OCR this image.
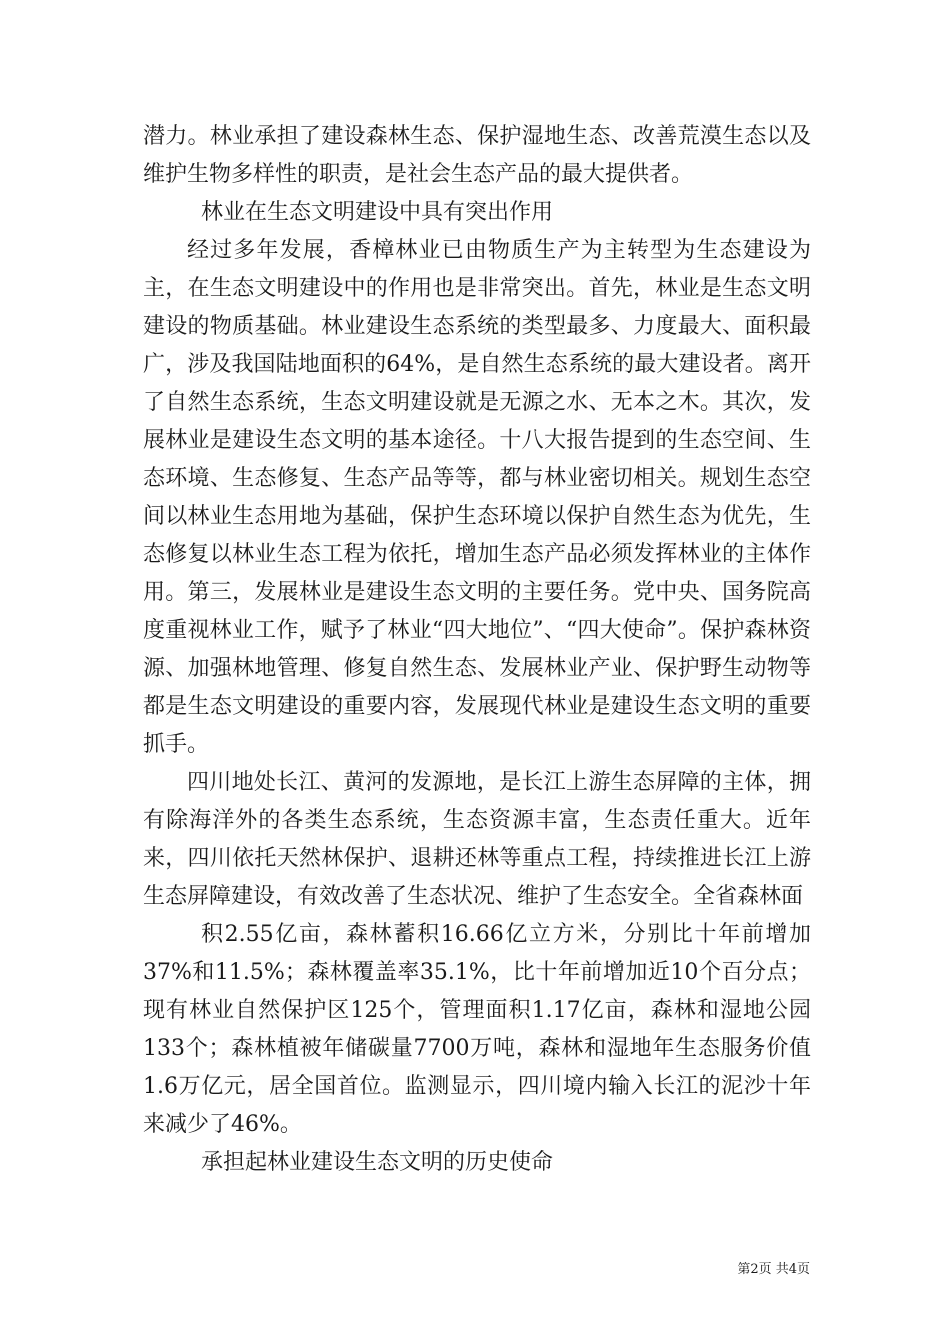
潜力。林业承担了建设森林生态、保护湿地生态、改善荒漠生态以及维护生物多样性的职责，是社会生态产品的最大提供者。

林业在生态文明建设中具有突出作用

经过多年发展，香樟林业已由物质生产为主转型为生态建设为主，在生态文明建设中的作用也是非常突出。首先，林业是生态文明建设的物质基础。林业建设生态系统的类型最多、力度最大、面积最广，涉及我国陆地面积的64%，是自然生态系统的最大建设者。离开了自然生态系统，生态文明建设就是无源之水、无本之木。其次，发展林业是建设生态文明的基本途径。十八大报告提到的生态空间、生态环境、生态修复、生态产品等等，都与林业密切相关。规划生态空间以林业生态用地为基础，保护生态环境以保护自然生态为优先，生态修复以林业生态工程为依托，增加生态产品必须发挥林业的主体作用。第三，发展林业是建设生态文明的主要任务。党中央、国务院高度重视林业工作，赋予了林业“四大地位”、“四大使命”。保护森林资源、加强林地管理、修复自然生态、发展林业产业、保护野生动物等都是生态文明建设的重要内容，发展现代林业是建设生态文明的重要抓手。

四川地处长江、黄河的发源地，是长江上游生态屏障的主体，拥有除海洋外的各类生态系统，生态资源丰富，生态责任重大。近年来，四川依托天然林保护、退耕还林等重点工程，持续推进长江上游生态屏障建设，有效改善了生态状况、维护了生态安全。全省森林面

积2.55亿亩，森林蓄积16.66亿立方米，分别比十年前增加37%和11.5%；森林覆盖率35.1%，比十年前增加近10个百分点；现有林业自然保护区125个，管理面积1.17亿亩，森林和湿地公园133个；森林植被年储碳量7700万吨，森林和湿地年生态服务价值1.6万亿元，居全国首位。监测显示，四川境内输入长江的泥沙十年来减少了46%。

承担起林业建设生态文明的历史使命

第2页 共4页
